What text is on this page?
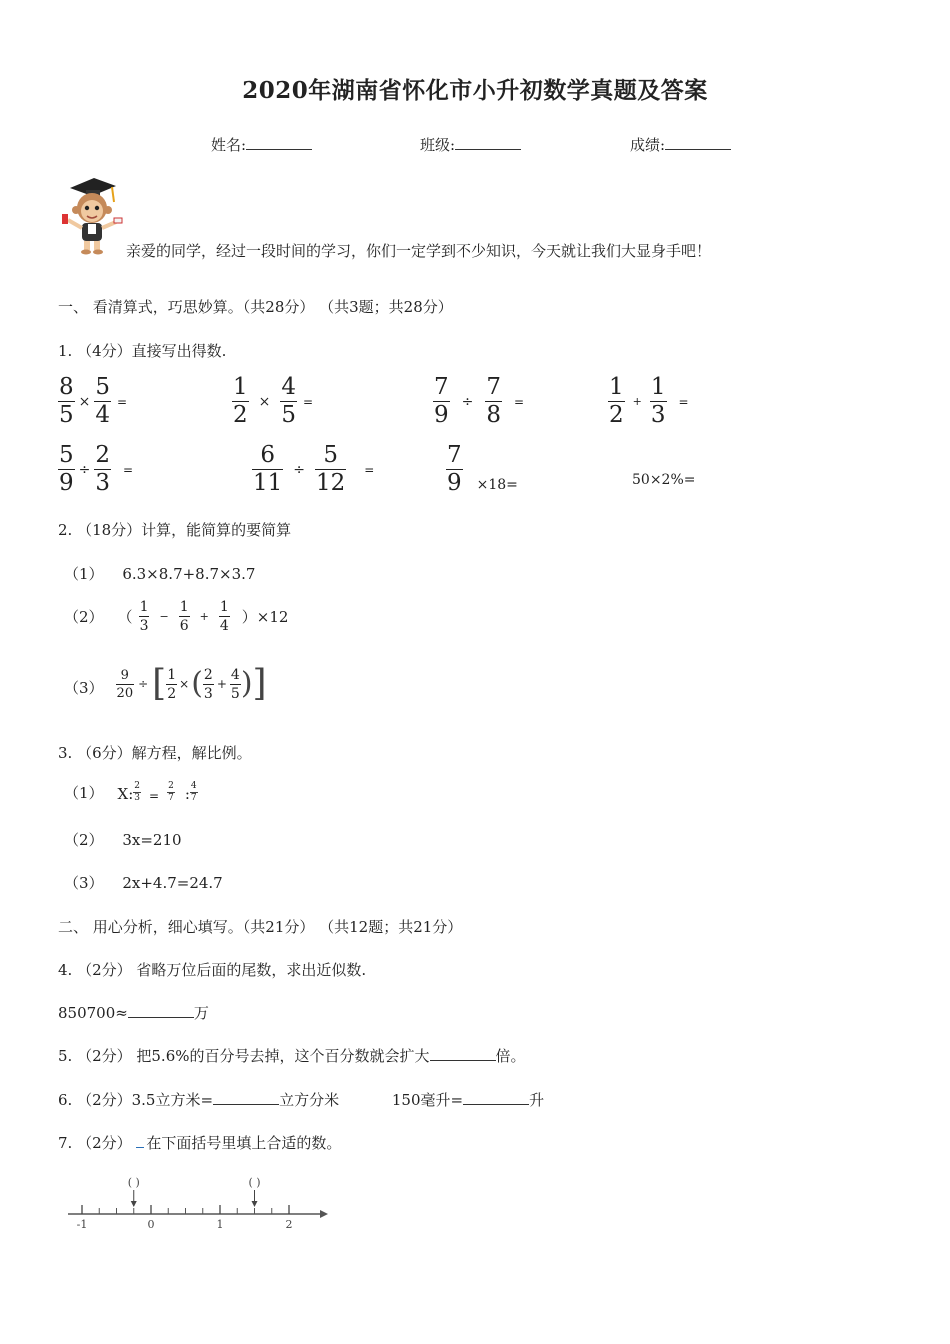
2020年湖南省怀化市小升初数学真题及答案
姓名:	班级:	成绩:
亲爱的同学，经过一段时间的学习，你们一定学到不少知识，今天就让我们大显身手吧！
一、 看清算式，巧思妙算。（共28分） （共3题；共28分）
1. （4分）直接写出得数.
$\frac{8}{5} \times \frac{5}{4}$ =	$\frac{1}{2} \times \frac{4}{5}$ =	$\frac{7}{9} \div \frac{7}{8}$ =	$\frac{1}{2} + \frac{1}{3}$ =
$\frac{5}{9} \div \frac{2}{3}$ =	$\frac{6}{11} \div \frac{5}{12}$ =	$\frac{7}{9} \times 18=$	50×2%=
2. （18分）计算，能简算的要简算
（1） 6.3×8.7+8.7×3.7
（2） （ $\frac{1}{3} - \frac{1}{6} + \frac{1}{4} )\times 12$
$(3) \frac{9}{20}$ ÷ [ $\frac{1}{2}$ × ( $\frac{2}{3} + \frac{4}{5}$ ) ]
3. （6分）解方程，解比例。
（1） X: $\frac{2}{3} = \frac{2}{7}$ : $\frac{4}{7}$
（2） 3x=210
（3） 2x+4.7=24.7
二、 用心分析，细心填写。（共21分） （共12题；共21分）
4. （2分） 省略万位后面的尾数，求出近似数.
850700≈	万
5. （2分） 把5.6%的百分号去掉，这个百分数就会扩大	倍。
6. （2分）3.5立方米=	立方分米	150毫升=	升
7. （2分） 在下面括号里填上合适的数。
-1	0	1	2
( )	( )
